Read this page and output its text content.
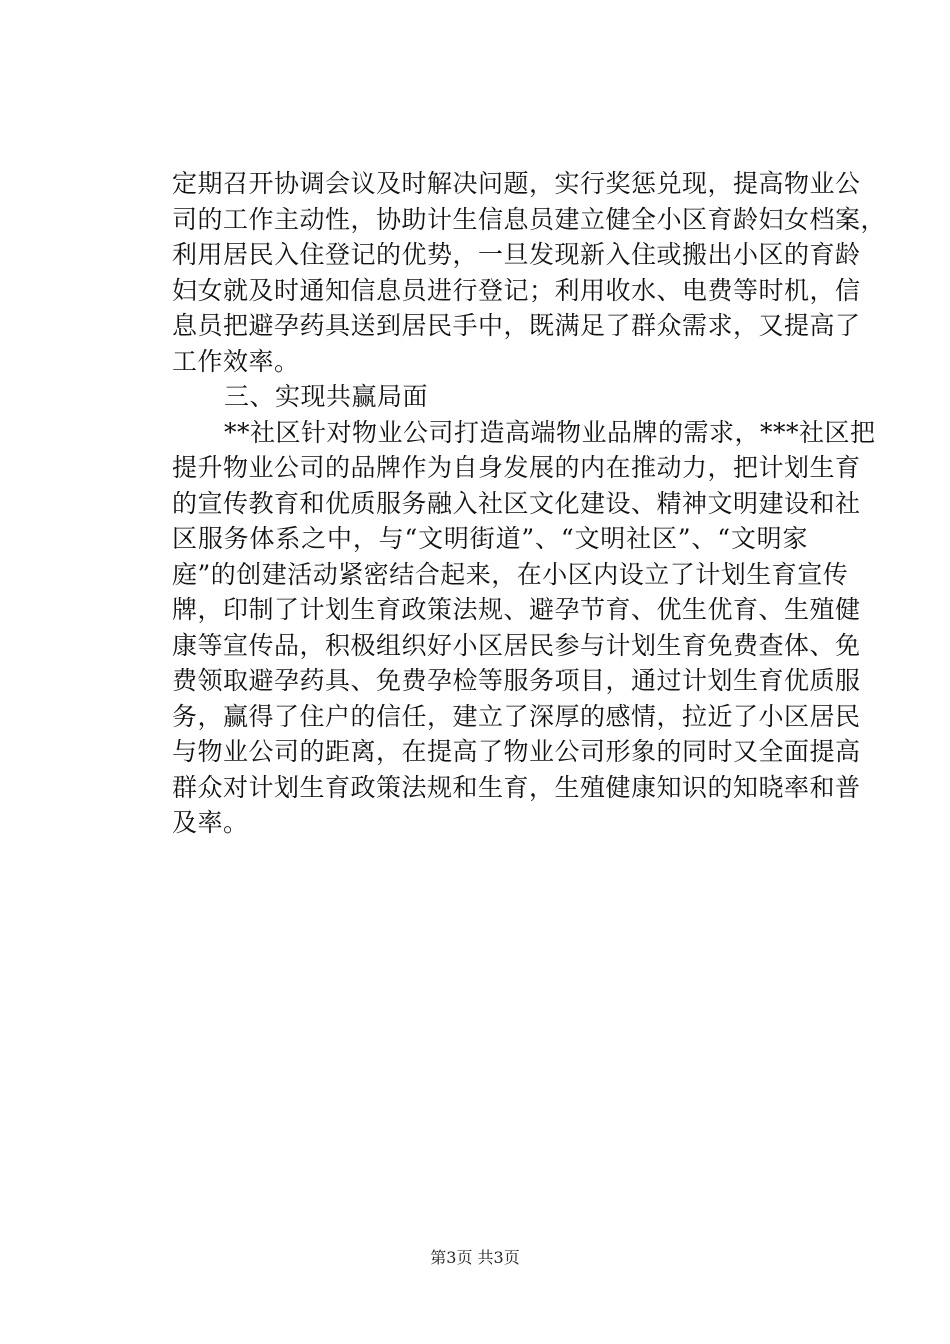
定期召开协调会议及时解决问题，实行奖惩兑现，提高物业公
司的工作主动性，协助计生信息员建立健全小区育龄妇女档案，
利用居民入住登记的优势，一旦发现新入住或搬出小区的育龄
妇女就及时通知信息员进行登记；利用收水、电费等时机，信
息员把避孕药具送到居民手中，既满足了群众需求，又提高了
工作效率。
三、实现共赢局面
**社区针对物业公司打造高端物业品牌的需求，***社区把
提升物业公司的品牌作为自身发展的内在推动力，把计划生育
的宣传教育和优质服务融入社区文化建设、精神文明建设和社
区服务体系之中，与“文明街道”、“文明社区”、“文明家
庭”的创建活动紧密结合起来，在小区内设立了计划生育宣传
牌，印制了计划生育政策法规、避孕节育、优生优育、生殖健
康等宣传品，积极组织好小区居民参与计划生育免费查体、免
费领取避孕药具、免费孕检等服务项目，通过计划生育优质服
务，赢得了住户的信任，建立了深厚的感情，拉近了小区居民
与物业公司的距离，在提高了物业公司形象的同时又全面提高
群众对计划生育政策法规和生育，生殖健康知识的知晓率和普
及率。
第3页 共3页
